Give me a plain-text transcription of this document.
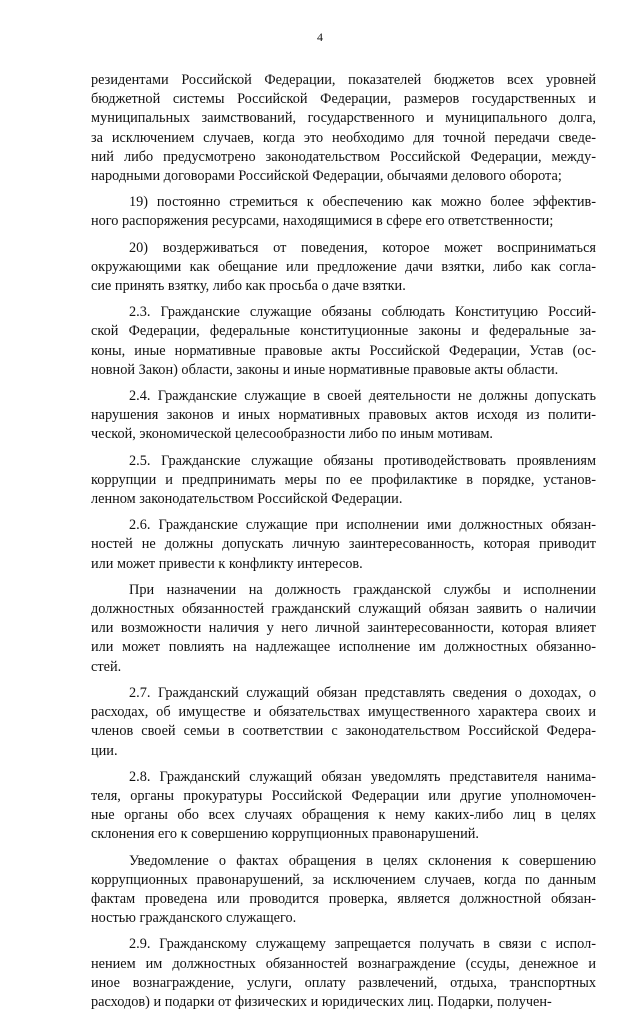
4

резидентами Российской Федерации, показателей бюджетов всех уровней
бюджетной системы Российской Федерации, размеров государственных и
муниципальных заимствований, государственного и муниципального долга,
за исключением случаев, когда это необходимо для точной передачи сведе-
ний либо предусмотрено законодательством Российской Федерации, между-
народными договорами Российской Федерации, обычаями делового оборота;

19) постоянно стремиться к обеспечению как можно более эффектив-
ного распоряжения ресурсами, находящимися в сфере его ответственности;

20) воздерживаться от поведения, которое может восприниматься
окружающими как обещание или предложение дачи взятки, либо как согла-
сие принять взятку, либо как просьба о даче взятки.

2.3. Гражданские служащие обязаны соблюдать Конституцию Россий-
ской Федерации, федеральные конституционные законы и федеральные за-
коны, иные нормативные правовые акты Российской Федерации, Устав (ос-
новной Закон) области, законы и иные нормативные правовые акты области.

2.4. Гражданские служащие в своей деятельности не должны допускать
нарушения законов и иных нормативных правовых актов исходя из полити-
ческой, экономической целесообразности либо по иным мотивам.

2.5. Гражданские служащие обязаны противодействовать проявлениям
коррупции и предпринимать меры по ее профилактике в порядке, установ-
ленном законодательством Российской Федерации.

2.6. Гражданские служащие при исполнении ими должностных обязан-
ностей не должны допускать личную заинтересованность, которая приводит
или может привести к конфликту интересов.

При назначении на должность гражданской службы и исполнении
должностных обязанностей гражданский служащий обязан заявить о наличии
или возможности наличия у него личной заинтересованности, которая влияет
или может повлиять на надлежащее исполнение им должностных обязанно-
стей.

2.7. Гражданский служащий обязан представлять сведения о доходах, о
расходах, об имуществе и обязательствах имущественного характера своих и
членов своей семьи в соответствии с законодательством Российской Федера-
ции.

2.8. Гражданский служащий обязан уведомлять представителя нанима-
теля, органы прокуратуры Российской Федерации или другие уполномочен-
ные органы обо всех случаях обращения к нему каких-либо лиц в целях
склонения его к совершению коррупционных правонарушений.

Уведомление о фактах обращения в целях склонения к совершению
коррупционных правонарушений, за исключением случаев, когда по данным
фактам проведена или проводится проверка, является должностной обязан-
ностью гражданского служащего.

2.9. Гражданскому служащему запрещается получать в связи с испол-
нением им должностных обязанностей вознаграждение (ссуды, денежное и
иное вознаграждение, услуги, оплату развлечений, отдыха, транспортных
расходов) и подарки от физических и юридических лиц. Подарки, получен-
